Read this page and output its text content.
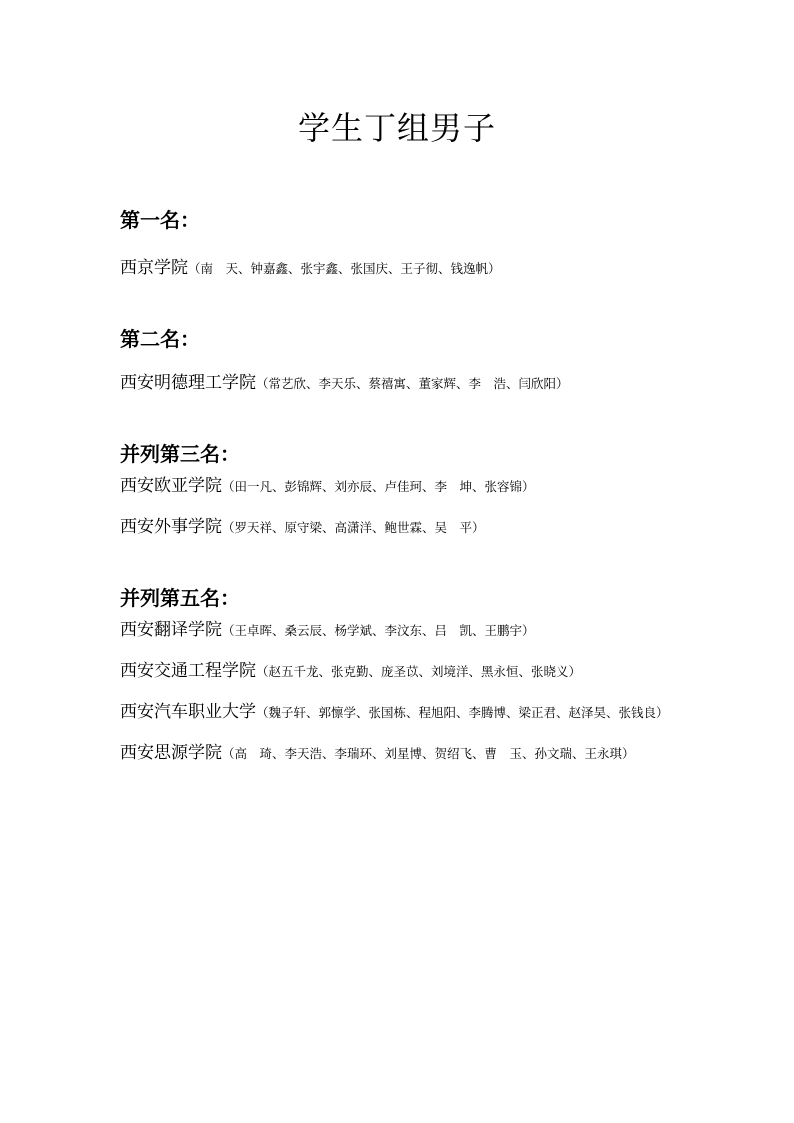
学生丁组男子

第一名：

西京学院（南　天、钟嘉鑫、张宇鑫、张国庆、王子彻、钱逸帆）

第二名：

西安明德理工学院（常艺欣、李天乐、蔡禧寓、董家辉、李　浩、闫欣阳）

并列第三名：

西安欧亚学院（田一凡、彭锦辉、刘亦辰、卢佳珂、李　坤、张容锦）

西安外事学院（罗天祥、原守梁、高潇洋、鲍世霖、吴　平）

并列第五名：

西安翻译学院（王卓晖、桑云辰、杨学斌、李汶东、吕　凯、王鹏宇）

西安交通工程学院（赵五千龙、张克勤、庞圣苡、刘境洋、黑永恒、张晓义）

西安汽车职业大学（魏子轩、郭懔学、张国栋、程旭阳、李腾博、梁正君、赵泽昊、张钱良）

西安思源学院（高　琦、李天浩、李瑞环、刘星博、贺绍飞、曹　玉、孙文瑞、王永琪）
